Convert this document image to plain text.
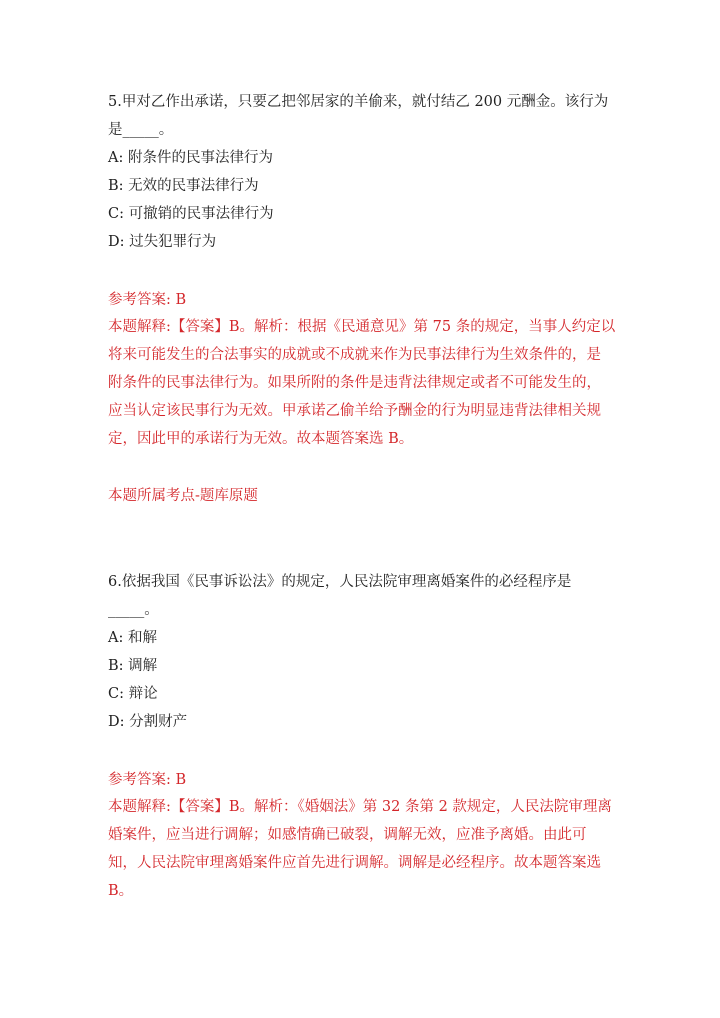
5.甲对乙作出承诺，只要乙把邻居家的羊偷来，就付结乙 200 元酬金。该行为
是_____。
A: 附条件的民事法律行为
B: 无效的民事法律行为
C: 可撤销的民事法律行为
D: 过失犯罪行为
参考答案: B
本题解释:【答案】B。解析：根据《民通意见》第 75 条的规定，当事人约定以
将来可能发生的合法事实的成就或不成就来作为民事法律行为生效条件的，是
附条件的民事法律行为。如果所附的条件是违背法律规定或者不可能发生的，
应当认定该民事行为无效。甲承诺乙偷羊给予酬金的行为明显违背法律相关规
定，因此甲的承诺行为无效。故本题答案选 B。
本题所属考点-题库原题
6.依据我国《民事诉讼法》的规定，人民法院审理离婚案件的必经程序是
_____。
A: 和解
B: 调解
C: 辩论
D: 分割财产
参考答案: B
本题解释:【答案】B。解析：《婚姻法》第 32 条第 2 款规定，人民法院审理离
婚案件，应当进行调解；如感情确已破裂，调解无效，应准予离婚。由此可
知，人民法院审理离婚案件应首先进行调解。调解是必经程序。故本题答案选
B。
